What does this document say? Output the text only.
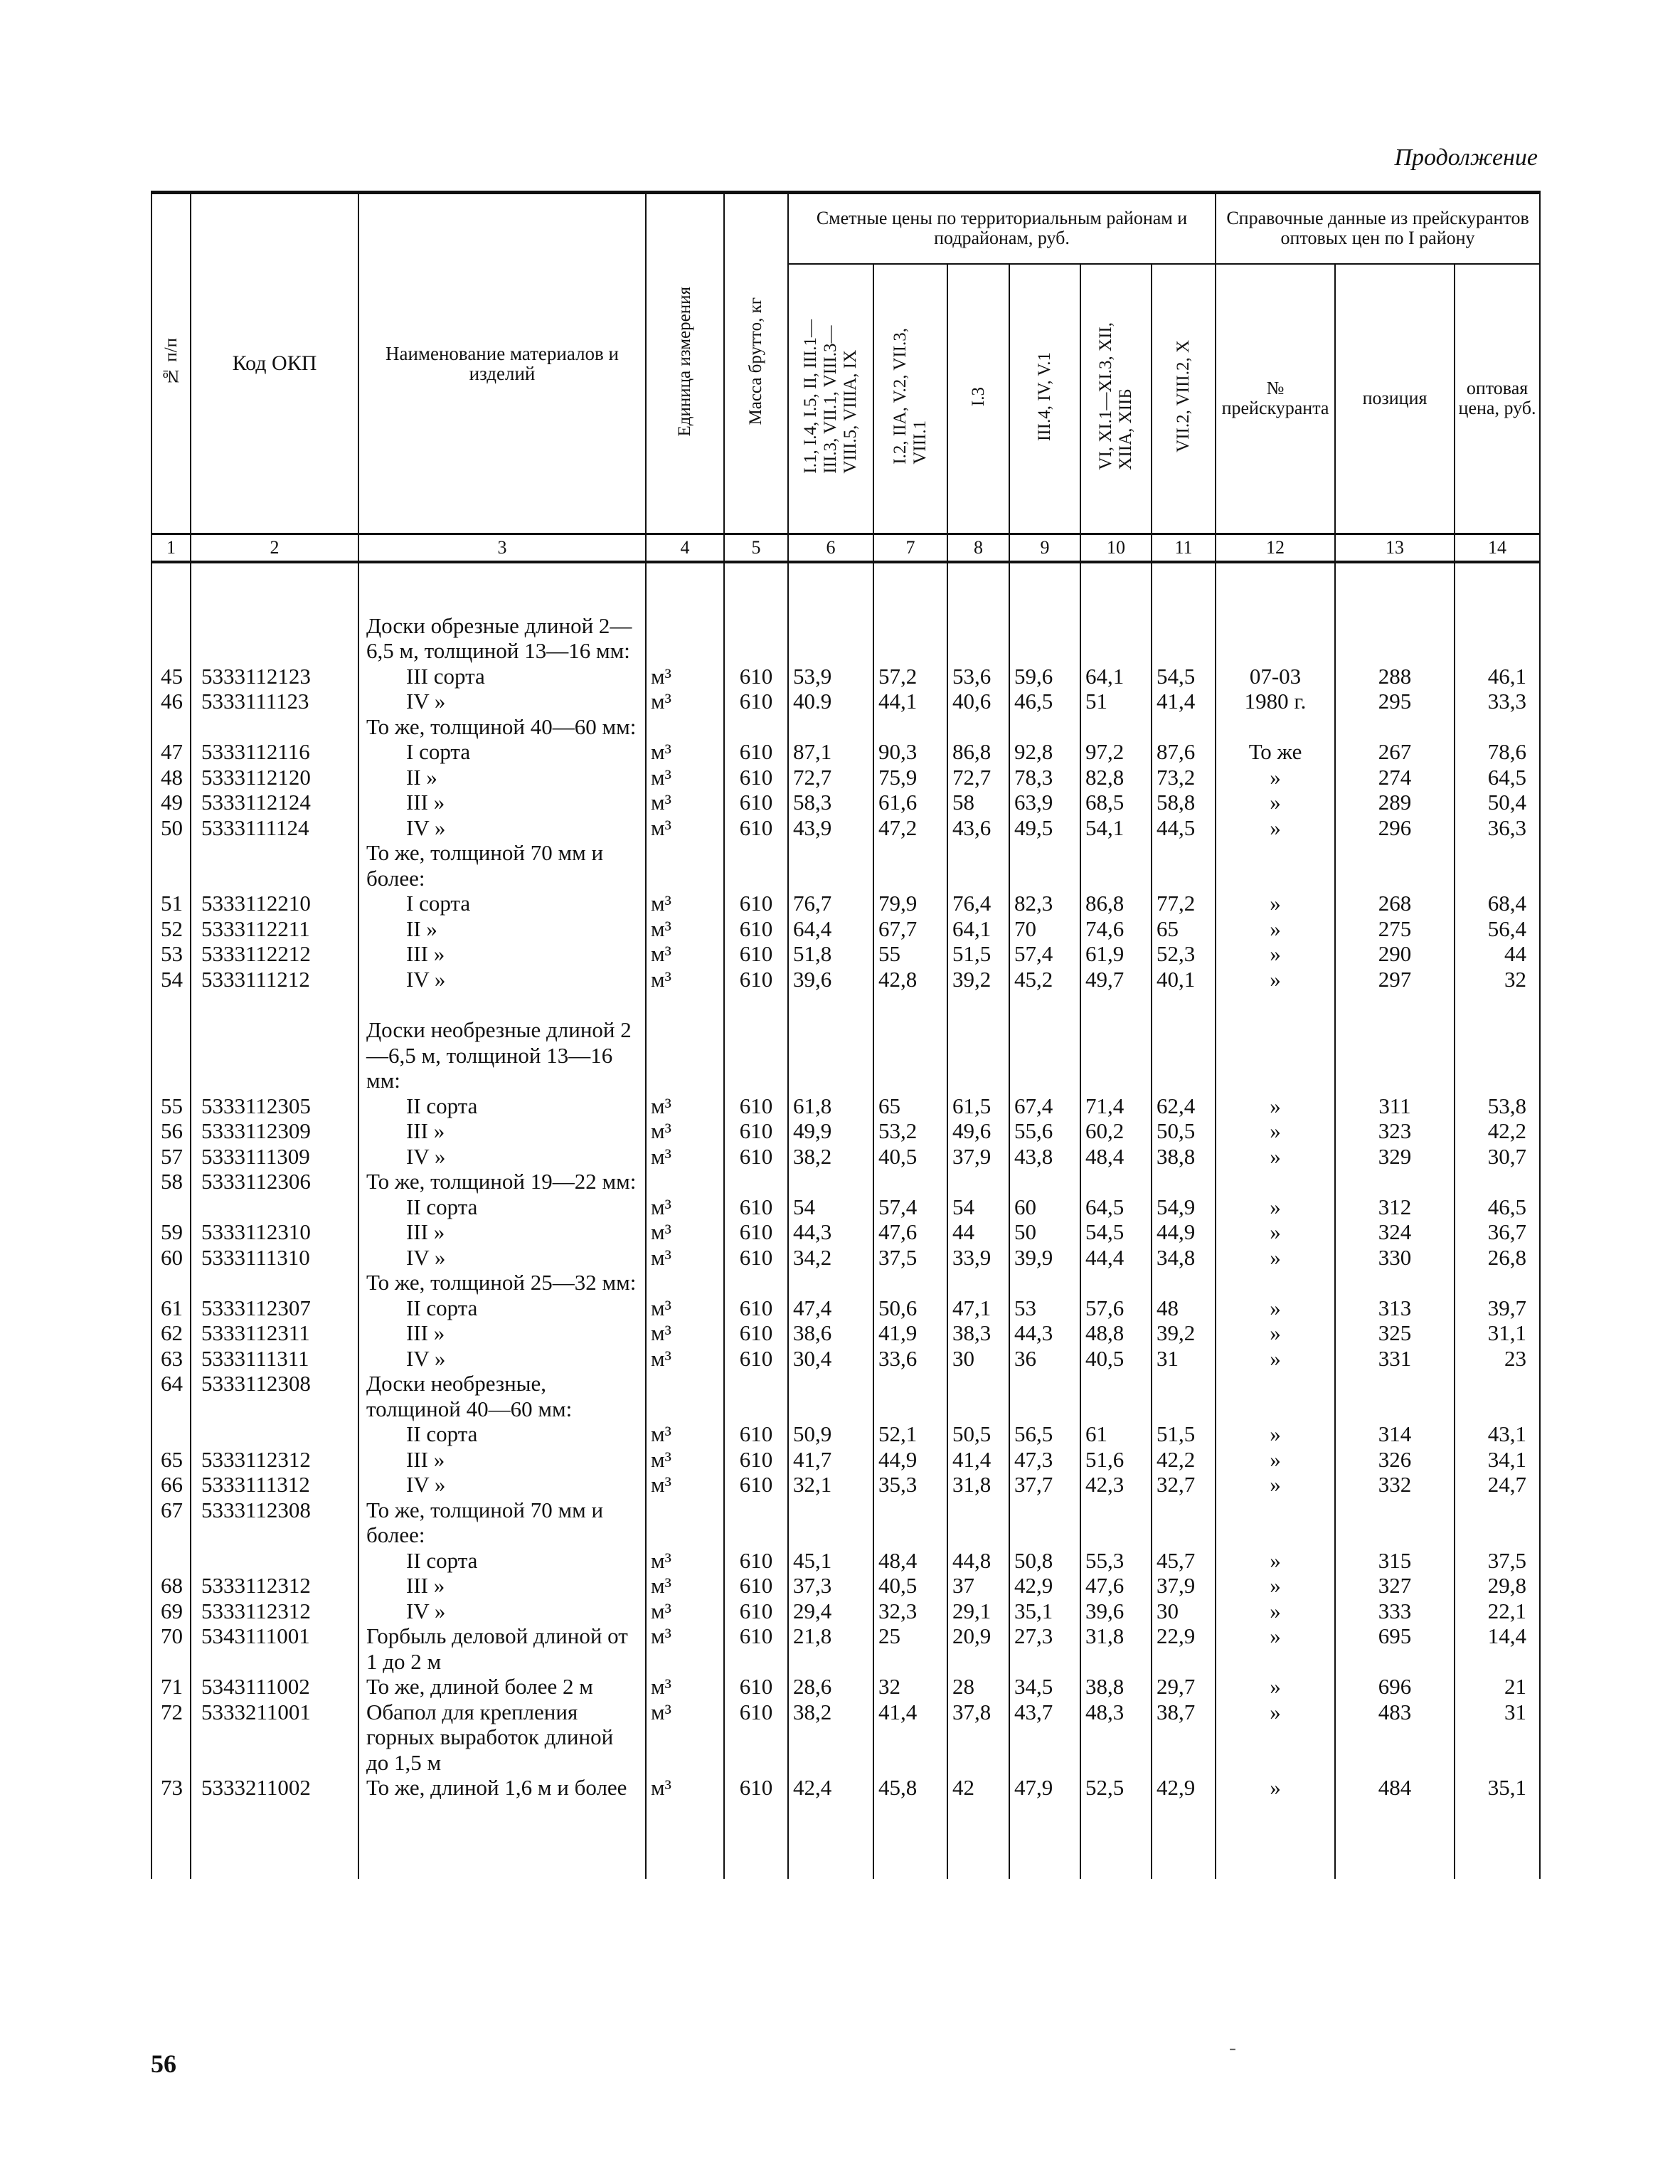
Продолжение
№ п/п	Код ОКП	Наименование материалов и изделий	Единица измерения	Масса брутто, кг	Сметные цены по территориальным районам и подрайонам, руб.						Справочные данные из прейскурантов оптовых цен по I району		
					I.1, I.4, I.5, II, III.1—
III.3, VII.1, VIII.3—
VIII.5, VIIIA, IX	I.2, IIA, V.2, VII.3,
VIII.1	I.3	III.4, IV, V.1	VI, XI.1—XI.3, XII,
XIIA, XIIБ	VII.2, VIII.2, X	№ прейскуранта	позиция	оптовая цена, руб.
1	2	3	4	5	6	7	8	9	10	11	12	13	14

		Доски обрезные длиной 2—6,5 м, толщиной 13—16 мм:											
45	5333112123	III сорта	м³	610	53,9	57,2	53,6	59,6	64,1	54,5	07-03	288	46,1
46	5333111123	IV »	м³	610	40.9	44,1	40,6	46,5	51	41,4	1980 г.	295	33,3
		То же, толщиной 40—60 мм:											
47	5333112116	I сорта	м³	610	87,1	90,3	86,8	92,8	97,2	87,6	То же	267	78,6
48	5333112120	II »	м³	610	72,7	75,9	72,7	78,3	82,8	73,2	»	274	64,5
49	5333112124	III »	м³	610	58,3	61,6	58	63,9	68,5	58,8	»	289	50,4
50	5333111124	IV »	м³	610	43,9	47,2	43,6	49,5	54,1	44,5	»	296	36,3
		То же, толщиной 70 мм и более:											
51	5333112210	I сорта	м³	610	76,7	79,9	76,4	82,3	86,8	77,2	»	268	68,4
52	5333112211	II »	м³	610	64,4	67,7	64,1	70	74,6	65	»	275	56,4
53	5333112212	III »	м³	610	51,8	55	51,5	57,4	61,9	52,3	»	290	44
54	5333111212	IV »	м³	610	39,6	42,8	39,2	45,2	49,7	40,1	»	297	32

		Доски необрезные длиной 2—6,5 м, толщиной 13—16 мм:											
55	5333112305	II сорта	м³	610	61,8	65	61,5	67,4	71,4	62,4	»	311	53,8
56	5333112309	III »	м³	610	49,9	53,2	49,6	55,6	60,2	50,5	»	323	42,2
57	5333111309	IV »	м³	610	38,2	40,5	37,9	43,8	48,4	38,8	»	329	30,7
58	5333112306	То же, толщиной 19—22 мм:											
		II сорта	м³	610	54	57,4	54	60	64,5	54,9	»	312	46,5
59	5333112310	III »	м³	610	44,3	47,6	44	50	54,5	44,9	»	324	36,7
60	5333111310	IV »	м³	610	34,2	37,5	33,9	39,9	44,4	34,8	»	330	26,8
		То же, толщиной 25—32 мм:											
61	5333112307	II сорта	м³	610	47,4	50,6	47,1	53	57,6	48	»	313	39,7
62	5333112311	III »	м³	610	38,6	41,9	38,3	44,3	48,8	39,2	»	325	31,1
63	5333111311	IV »	м³	610	30,4	33,6	30	36	40,5	31	»	331	23
64	5333112308	Доски необрезные, толщиной 40—60 мм:											
		II сорта	м³	610	50,9	52,1	50,5	56,5	61	51,5	»	314	43,1
65	5333112312	III »	м³	610	41,7	44,9	41,4	47,3	51,6	42,2	»	326	34,1
66	5333111312	IV »	м³	610	32,1	35,3	31,8	37,7	42,3	32,7	»	332	24,7
67	5333112308	То же, толщиной 70 мм и более:											
		II сорта	м³	610	45,1	48,4	44,8	50,8	55,3	45,7	»	315	37,5
68	5333112312	III »	м³	610	37,3	40,5	37	42,9	47,6	37,9	»	327	29,8
69	5333112312	IV »	м³	610	29,4	32,3	29,1	35,1	39,6	30	»	333	22,1
70	5343111001	Горбыль деловой длиной от 1 до 2 м	м³	610	21,8	25	20,9	27,3	31,8	22,9	»	695	14,4
71	5343111002	То же, длиной более 2 м	м³	610	28,6	32	28	34,5	38,8	29,7	»	696	21
72	5333211001	Обапол для крепления горных выработок длиной до 1,5 м	м³	610	38,2	41,4	37,8	43,7	48,3	38,7	»	483	31
73	5333211002	То же, длиной 1,6 м и более	м³	610	42,4	45,8	42	47,9	52,5	42,9	»	484	35,1

56
-
